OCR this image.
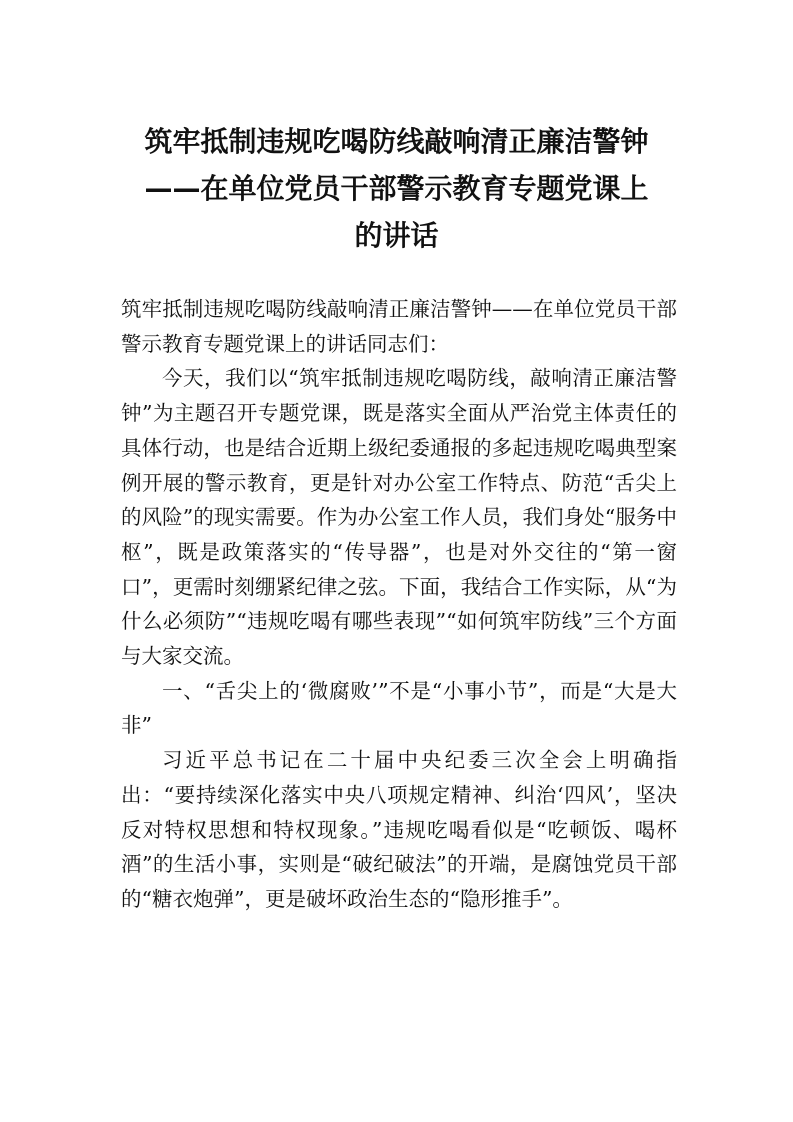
筑牢抵制违规吃喝防线敲响清正廉洁警钟
——在单位党员干部警示教育专题党课上
的讲话

筑牢抵制违规吃喝防线敲响清正廉洁警钟——在单位党员干部警示教育专题党课上的讲话同志们：

今天，我们以“筑牢抵制违规吃喝防线，敲响清正廉洁警钟”为主题召开专题党课，既是落实全面从严治党主体责任的具体行动，也是结合近期上级纪委通报的多起违规吃喝典型案例开展的警示教育，更是针对办公室工作特点、防范“舌尖上的风险”的现实需要。作为办公室工作人员，我们身处“服务中枢”，既是政策落实的“传导器”，也是对外交往的“第一窗口”，更需时刻绷紧纪律之弦。下面，我结合工作实际，从“为什么必须防”“违规吃喝有哪些表现”“如何筑牢防线”三个方面与大家交流。

一、“舌尖上的‘微腐败’”不是“小事小节”，而是“大是大非”

习近平总书记在二十届中央纪委三次全会上明确指出：“要持续深化落实中央八项规定精神、纠治‘四风’，坚决反对特权思想和特权现象。”违规吃喝看似是“吃顿饭、喝杯酒”的生活小事，实则是“破纪破法”的开端，是腐蚀党员干部的“糖衣炮弹”，更是破坏政治生态的“隐形推手”。
